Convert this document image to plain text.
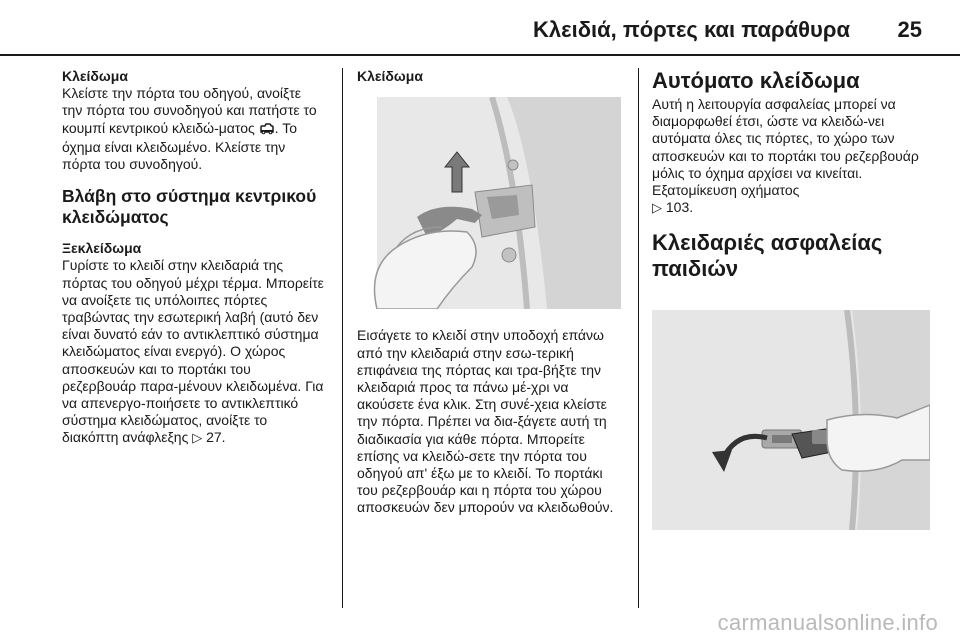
Κλειδιά, πόρτες και παράθυρα 25
Κλείδωμα

Κλείστε την πόρτα του οδηγού, ανοίξτε την πόρτα του συνοδηγού και πατήστε το κουμπί κεντρικού κλειδώ-ματος . Το όχημα είναι κλειδωμένο. Κλείστε την πόρτα του συνοδηγού.

Βλάβη στο σύστημα κεντρικού κλειδώματος
Ξεκλείδωμα

Γυρίστε το κλειδί στην κλειδαριά της πόρτας του οδηγού μέχρι τέρμα. Μπορείτε να ανοίξετε τις υπόλοιπες πόρτες τραβώντας την εσωτερική λαβή (αυτό δεν είναι δυνατό εάν το αντικλεπτικό σύστημα κλειδώματος είναι ενεργό). Ο χώρος αποσκευών και το πορτάκι του ρεζερβουάρ παρα-μένουν κλειδωμένα. Για να απενεργο-ποιήσετε το αντικλεπτικό σύστημα κλειδώματος, ανοίξτε το διακόπτη ανάφλεξης ▷ 27.

Κλείδωμα

Εισάγετε το κλειδί στην υποδοχή επάνω από την κλειδαριά στην εσω-τερική επιφάνεια της πόρτας και τρα-βήξτε την κλειδαριά προς τα πάνω μέ-χρι να ακούσετε ένα κλικ. Στη συνέ-χεια κλείστε την πόρτα. Πρέπει να δια-ξάγετε αυτή τη διαδικασία για κάθε πόρτα. Μπορείτε επίσης να κλειδώ-σετε την πόρτα του οδηγού απ' έξω με το κλειδί. Το πορτάκι του ρεζερβουάρ και η πόρτα του χώρου αποσκευών δεν μπορούν να κλειδωθούν.

Αυτόματο κλείδωμα

Αυτή η λειτουργία ασφαλείας μπορεί να διαμορφωθεί έτσι, ώστε να κλειδώ-νει αυτόματα όλες τις πόρτες, το χώρο των αποσκευών και το πορτάκι του ρεζερβουάρ μόλις το όχημα αρχίσει να κινείται. Εξατομίκευση οχήματος
▷ 103.

Κλειδαριές ασφαλείας παιδιών
carmanualsonline.info
